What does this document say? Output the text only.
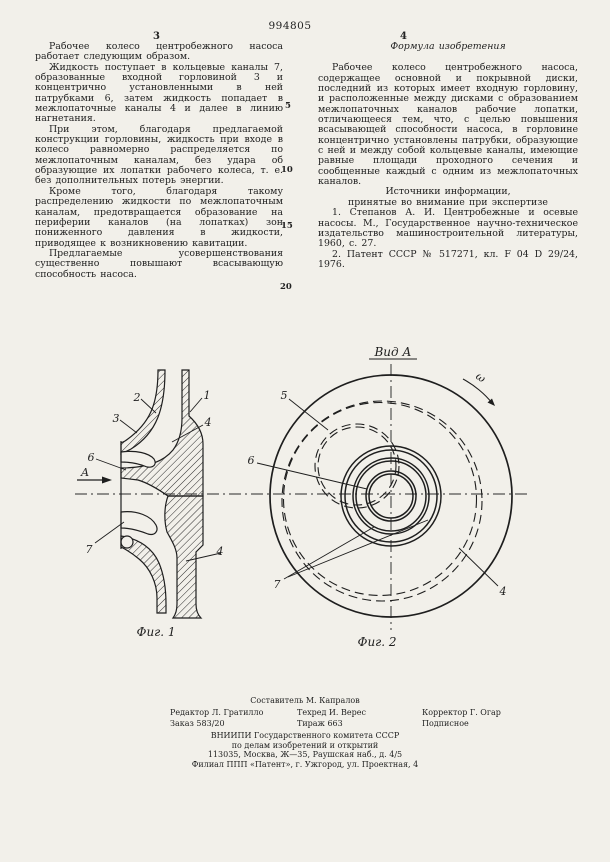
994805
3	4

Рабочее колесо центробежного насоса работает следующим образом.

Жидкость поступает в кольцевые каналы 7, образованные входной горловиной 3 и концентрично установленными в ней патрубками 6, затем жидкость попадает в межлопаточные каналы 4 и далее в линию нагнетания.

При этом, благодаря предлагаемой конструкции горловины, жидкость при входе в колесо равномерно распределяется по межлопаточным каналам, без удара об образующие их лопатки рабочего колеса, т. е. без дополнительных потерь энергии.

Кроме того, благодаря такому распределению жидкости по межлопаточным каналам, предотвращается образование на периферии каналов (на лопатках) зон пониженного давления в жидкости, приводящее к возникновению кавитации.

Предлагаемые усовершенствования существенно повышают всасывающую способность насоса.

5
10
15
20

Формула изобретения

Рабочее колесо центробежного насоса, содержащее основной и покрывной диски, последний из которых имеет входную горловину, и расположенные между дисками с образованием межлопаточных каналов рабочие лопатки, отличающееся тем, что, с целью повышения всасывающей способности насоса, в горловине концентрично установлены патрубки, образующие с ней и между собой кольцевые каналы, имеющие равные площади проходного сечения и сообщенные каждый с одним из межлопаточных каналов.

Источники информации,

принятые во внимание при экспертизе

1. Степанов А. И. Центробежные и осевые насосы. М., Государственное научно-техническое издательство машиностроительной литературы, 1960, с. 27.

2. Патент СССР № 517271, кл. F 04 D 29/24, 1976.

2	1
3	4
6
А
7	4
Фиг. 1
Вид А
5
6
7
4
ω
Фиг. 2
Составитель М. Капралов
Редактор Л. Гратилло	Техред И. Верес	Корректор Г. Огар
Заказ 583/20	Тираж 663	Подписное
ВНИИПИ Государственного комитета СССР
по делам изобретений и открытий
113035, Москва, Ж—35, Раушская наб., д. 4/5
Филиал ППП «Патент», г. Ужгород, ул. Проектная, 4
